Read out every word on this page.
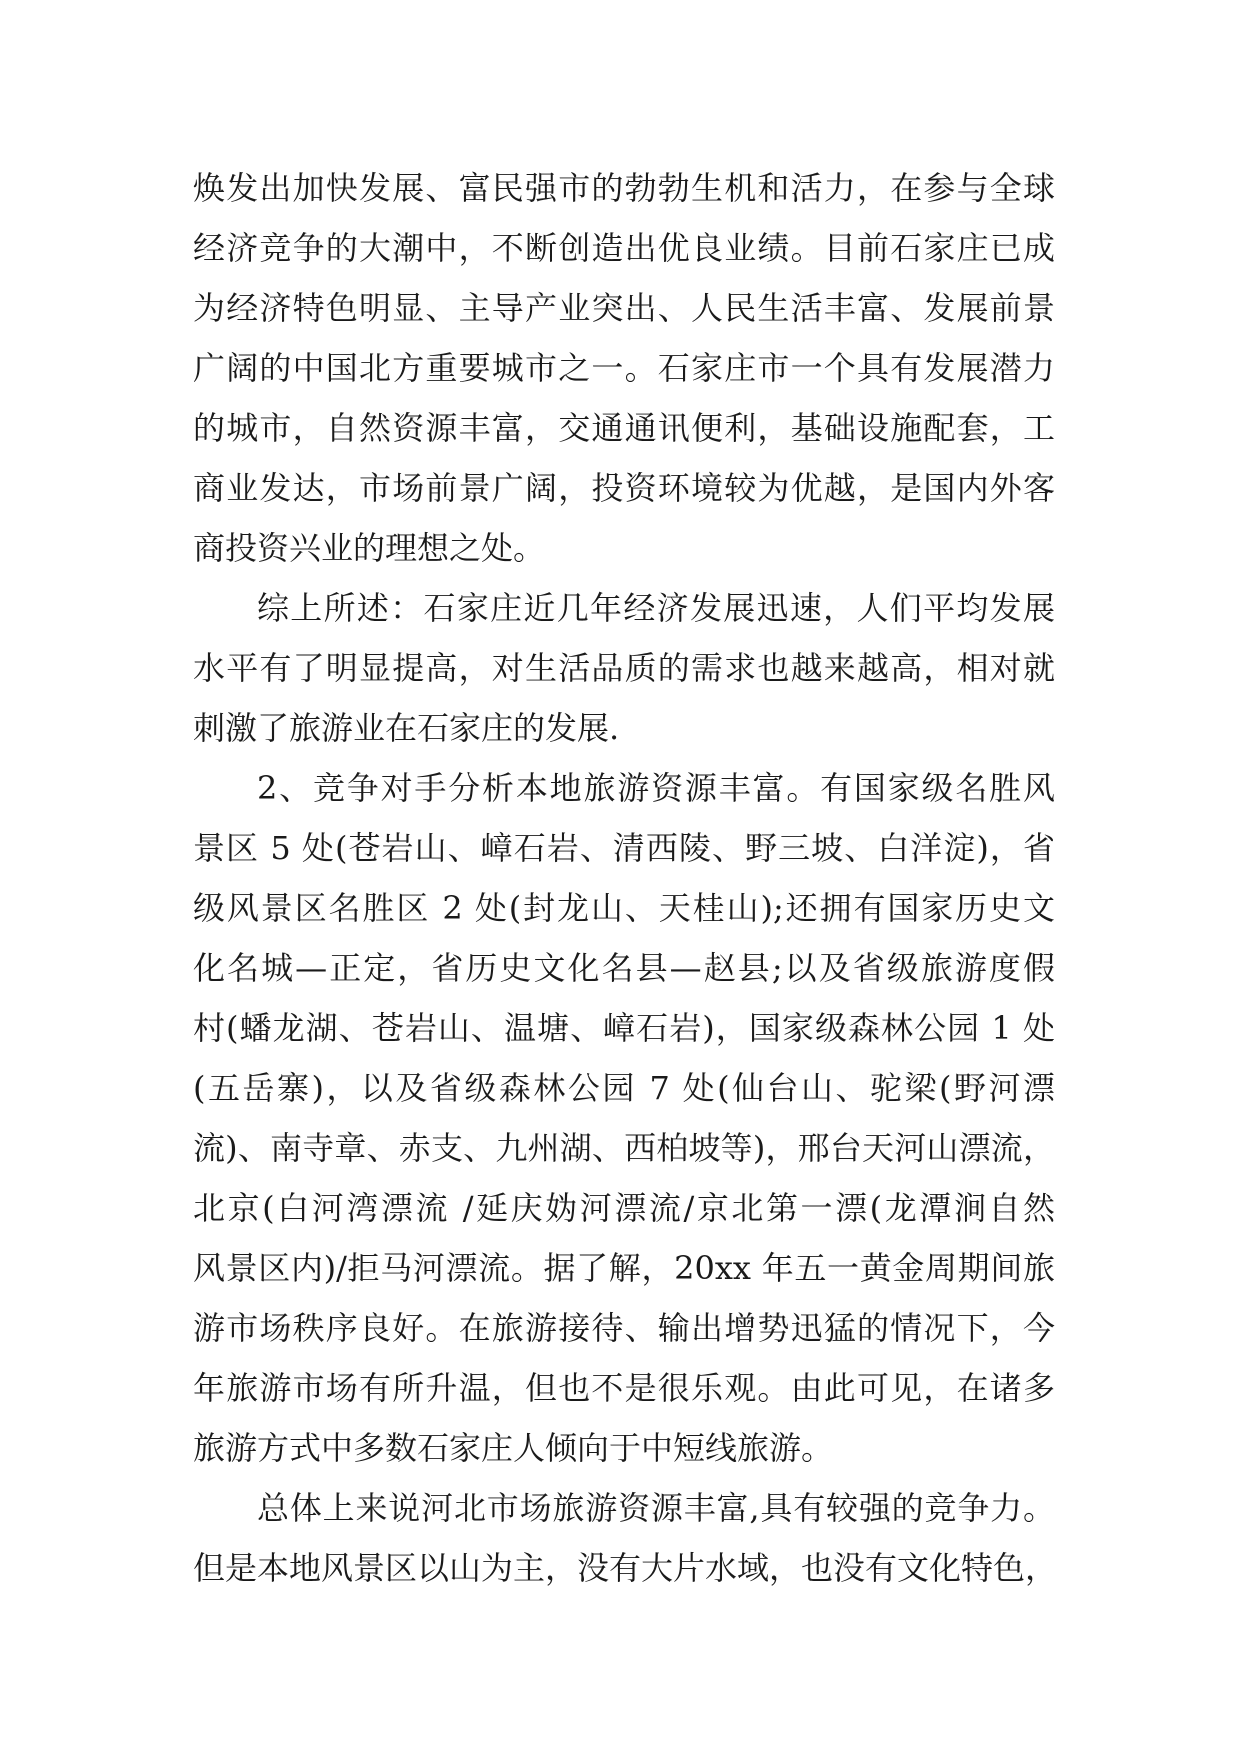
焕发出加快发展、富民强市的勃勃生机和活力，在参与全球
经济竞争的大潮中，不断创造出优良业绩。目前石家庄已成
为经济特色明显、主导产业突出、人民生活丰富、发展前景
广阔的中国北方重要城市之一。石家庄市一个具有发展潜力
的城市，自然资源丰富，交通通讯便利，基础设施配套，工
商业发达，市场前景广阔，投资环境较为优越，是国内外客
商投资兴业的理想之处。
综上所述：石家庄近几年经济发展迅速，人们平均发展
水平有了明显提高，对生活品质的需求也越来越高，相对就
刺激了旅游业在石家庄的发展.
2、竞争对手分析本地旅游资源丰富。有国家级名胜风
景区 5 处(苍岩山、嶂石岩、清西陵、野三坡、白洋淀)，省
级风景区名胜区 2 处(封龙山、天桂山);还拥有国家历史文
化名城—正定，省历史文化名县—赵县;以及省级旅游度假
村(蟠龙湖、苍岩山、温塘、嶂石岩)，国家级森林公园 1 处
(五岳寨)，以及省级森林公园 7 处(仙台山、驼梁(野河漂
流)、南寺章、赤支、九州湖、西柏坡等)，邢台天河山漂流，
北京(白河湾漂流 /延庆妫河漂流/京北第一漂(龙潭涧自然
风景区内)/拒马河漂流。据了解，20xx 年五一黄金周期间旅
游市场秩序良好。在旅游接待、输出增势迅猛的情况下，今
年旅游市场有所升温，但也不是很乐观。由此可见，在诸多
旅游方式中多数石家庄人倾向于中短线旅游。
总体上来说河北市场旅游资源丰富,具有较强的竞争力。
但是本地风景区以山为主，没有大片水域，也没有文化特色，
